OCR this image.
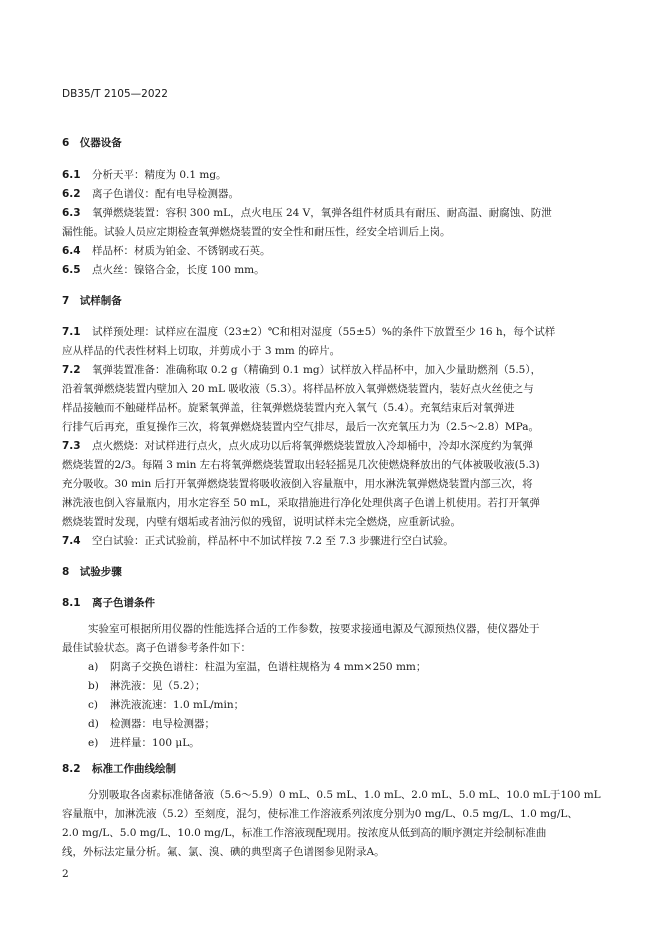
DB35/T 2105—2022
6　仪器设备
6.1 分析天平：精度为 0.1 mg。
6.2 离子色谱仪：配有电导检测器。
6.3 氧弹燃烧装置：容积 300 mL，点火电压 24 V，氧弹各组件材质具有耐压、耐高温、耐腐蚀、防泄
漏性能。试验人员应定期检查氧弹燃烧装置的安全性和耐压性，经安全培训后上岗。
6.4 样品杯：材质为铂金、不锈钢或石英。
6.5 点火丝：镍铬合金，长度 100 mm。
7　试样制备
7.1 试样预处理：试样应在温度（23±2）℃和相对湿度（55±5）%的条件下放置至少 16 h，每个试样
应从样品的代表性材料上切取，并剪成小于 3 mm 的碎片。
7.2 氧弹装置准备：准确称取 0.2 g（精确到 0.1 mg）试样放入样品杯中，加入少量助燃剂（5.5），
沿着氧弹燃烧装置内壁加入 20 mL 吸收液（5.3）。将样品杯放入氧弹燃烧装置内，装好点火丝使之与
样品接触而不触碰样品杯。旋紧氧弹盖，往氧弹燃烧装置内充入氧气（5.4）。充氧结束后对氧弹进
行排气后再充，重复操作三次，将氧弹燃烧装置内空气排尽，最后一次充氧压力为（2.5～2.8）MPa。
7.3 点火燃烧：对试样进行点火，点火成功以后将氧弹燃烧装置放入冷却桶中，冷却水深度约为氧弹
燃烧装置的2/3。每隔 3 min 左右将氧弹燃烧装置取出轻轻摇晃几次使燃烧释放出的气体被吸收液(5.3)
充分吸收。30 min 后打开氧弹燃烧装置将吸收液倒入容量瓶中，用水淋洗氧弹燃烧装置内部三次，将
淋洗液也倒入容量瓶内，用水定容至 50 mL，采取措施进行净化处理供离子色谱上机使用。若打开氧弹
燃烧装置时发现，内壁有烟垢或者油污似的残留，说明试样未完全燃烧，应重新试验。
7.4 空白试验：正式试验前，样品杯中不加试样按 7.2 至 7.3 步骤进行空白试验。
8　试验步骤
8.1 离子色谱条件
实验室可根据所用仪器的性能选择合适的工作参数，按要求接通电源及气源预热仪器，使仪器处于
最佳试验状态。离子色谱参考条件如下：
a) 阴离子交换色谱柱：柱温为室温，色谱柱规格为 4 mm×250 mm；
b) 淋洗液：见（5.2）；
c) 淋洗液流速：1.0 mL/min；
d) 检测器：电导检测器；
e) 进样量：100 μL。
8.2 标准工作曲线绘制
分别吸取各卤素标准储备液（5.6～5.9）0 mL、0.5 mL、1.0 mL、2.0 mL、5.0 mL、10.0 mL于100 mL
容量瓶中，加淋洗液（5.2）至刻度，混匀，使标准工作溶液系列浓度分别为0 mg/L、0.5 mg/L、1.0 mg/L、
2.0 mg/L、5.0 mg/L、10.0 mg/L，标准工作溶液现配现用。按浓度从低到高的顺序测定并绘制标准曲
线，外标法定量分析。氟、氯、溴、碘的典型离子色谱图参见附录A。
2
